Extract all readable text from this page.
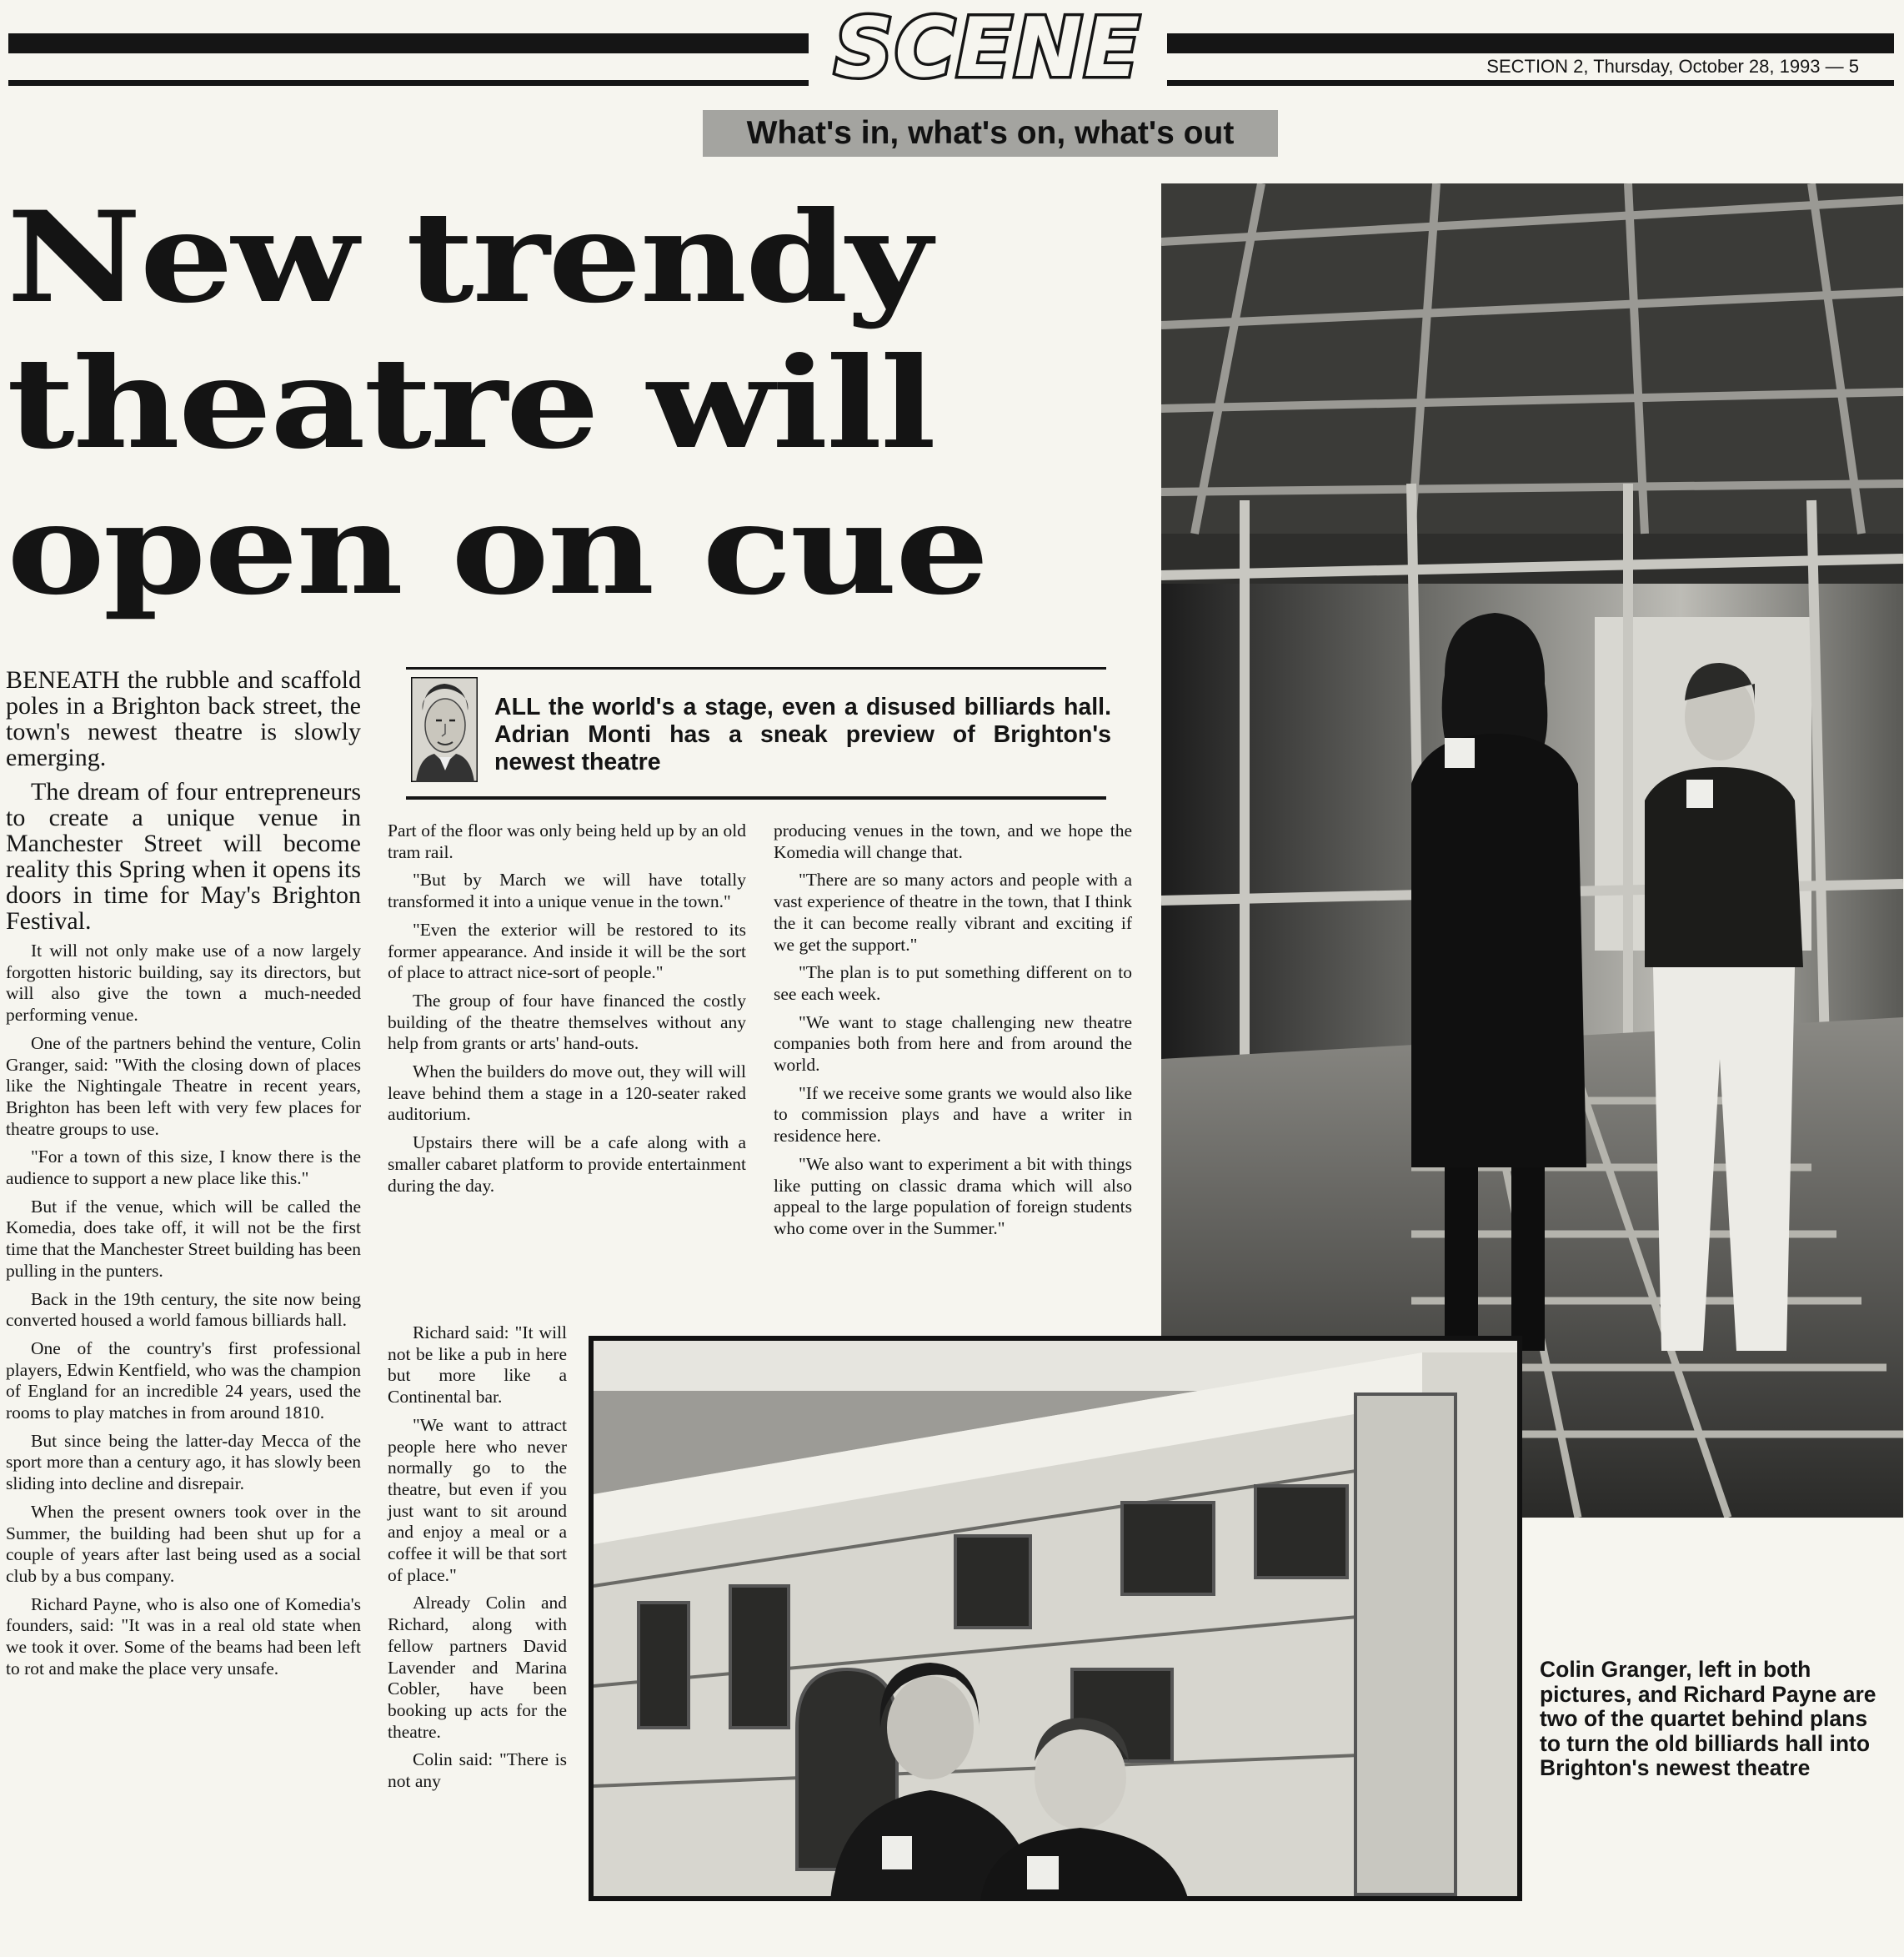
SCENE	SECTION 2, Thursday, October 28, 1993 — 5
What's in, what's on, what's out
New trendy
theatre will
open on cue
ALL the world's a stage, even a disused billiards hall. Adrian Monti has a sneak preview of Brighton's newest theatre

BENEATH the rubble and scaffold poles in a Brighton back street, the town's newest theatre is slowly emerging.

The dream of four entrepreneurs to create a unique venue in Manchester Street will become reality this Spring when it opens its doors in time for May's Brighton Festival.

It will not only make use of a now largely forgotten historic building, say its directors, but will also give the town a much-needed performing venue.

One of the partners behind the venture, Colin Granger, said: "With the closing down of places like the Nightingale Theatre in recent years, Brighton has been left with very few places for theatre groups to use.

"For a town of this size, I know there is the audience to support a new place like this."

But if the venue, which will be called the Komedia, does take off, it will not be the first time that the Manchester Street building has been pulling in the punters.

Back in the 19th century, the site now being converted housed a world famous billiards hall.

One of the country's first professional players, Edwin Kentfield, who was the champion of England for an incredible 24 years, used the rooms to play matches in from around 1810.

But since being the latter-day Mecca of the sport more than a century ago, it has slowly been sliding into decline and disrepair.

When the present owners took over in the Summer, the building had been shut up for a couple of years after last being used as a social club by a bus company.

Richard Payne, who is also one of Komedia's founders, said: "It was in a real old state when we took it over. Some of the beams had been left to rot and make the place very unsafe.

Part of the floor was only being held up by an old tram rail.

"But by March we will have totally transformed it into a unique venue in the town."

"Even the exterior will be restored to its former appearance. And inside it will be the sort of place to attract nice-sort of people."

The group of four have financed the costly building of the theatre themselves without any help from grants or arts' hand-outs.

When the builders do move out, they will will leave behind them a stage in a 120-seater raked auditorium.

Upstairs there will be a cafe along with a smaller cabaret platform to provide entertainment during the day.

Richard said: "It will not be like a pub in here but more like a Continental bar.

"We want to attract people here who never normally go to the theatre, but even if you just want to sit around and enjoy a meal or a coffee it will be that sort of place."

Already Colin and Richard, along with fellow partners David Lavender and Marina Cobler, have been booking up acts for the theatre.

Colin said: "There is not any

producing venues in the town, and we hope the Komedia will change that.

"There are so many actors and people with a vast experience of theatre in the town, that I think the it can become really vibrant and exciting if we get the support."

"The plan is to put something different on to see each week.

"We want to stage challenging new theatre companies both from here and from around the world.

"If we receive some grants we would also like to commission plays and have a writer in residence here.

"We also want to experiment a bit with things like putting on classic drama which will also appeal to the large population of foreign students who come over in the Summer."

Colin Granger, left in both pictures, and Richard Payne are two of the quartet behind plans to turn the old billiards hall into Brighton's newest theatre
